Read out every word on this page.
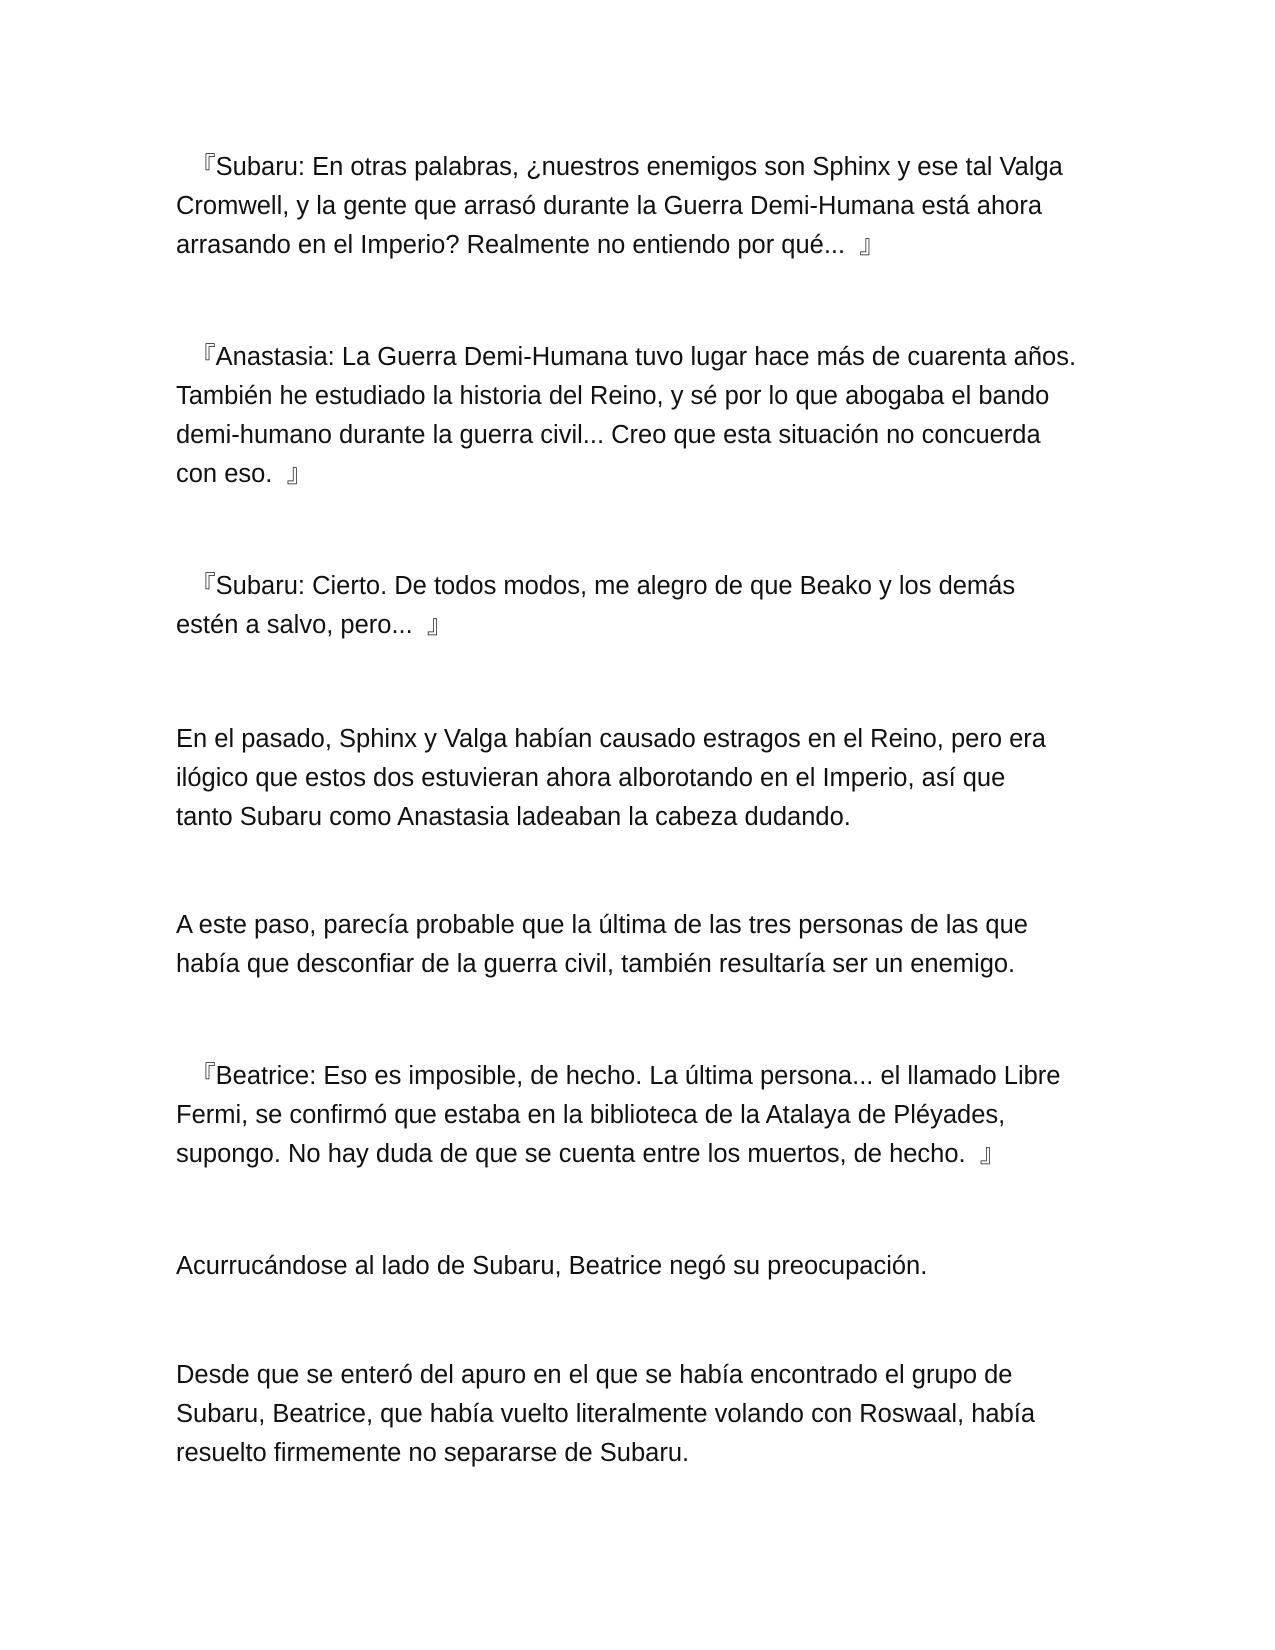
『Subaru: En otras palabras, ¿nuestros enemigos son Sphinx y ese tal Valga
Cromwell, y la gente que arrasó durante la Guerra Demi-Humana está ahora
arrasando en el Imperio? Realmente no entiendo por qué...  』

『Anastasia: La Guerra Demi-Humana tuvo lugar hace más de cuarenta años.
También he estudiado la historia del Reino, y sé por lo que abogaba el bando
demi-humano durante la guerra civil... Creo que esta situación no concuerda
con eso.  』

『Subaru: Cierto. De todos modos, me alegro de que Beako y los demás
estén a salvo, pero...  』

En el pasado, Sphinx y Valga habían causado estragos en el Reino, pero era
ilógico que estos dos estuvieran ahora alborotando en el Imperio, así que
tanto Subaru como Anastasia ladeaban la cabeza dudando.

A este paso, parecía probable que la última de las tres personas de las que
había que desconfiar de la guerra civil, también resultaría ser un enemigo.

『Beatrice: Eso es imposible, de hecho. La última persona... el llamado Libre
Fermi, se confirmó que estaba en la biblioteca de la Atalaya de Pléyades,
supongo. No hay duda de que se cuenta entre los muertos, de hecho.  』

Acurrucándose al lado de Subaru, Beatrice negó su preocupación.

Desde que se enteró del apuro en el que se había encontrado el grupo de
Subaru, Beatrice, que había vuelto literalmente volando con Roswaal, había
resuelto firmemente no separarse de Subaru.
